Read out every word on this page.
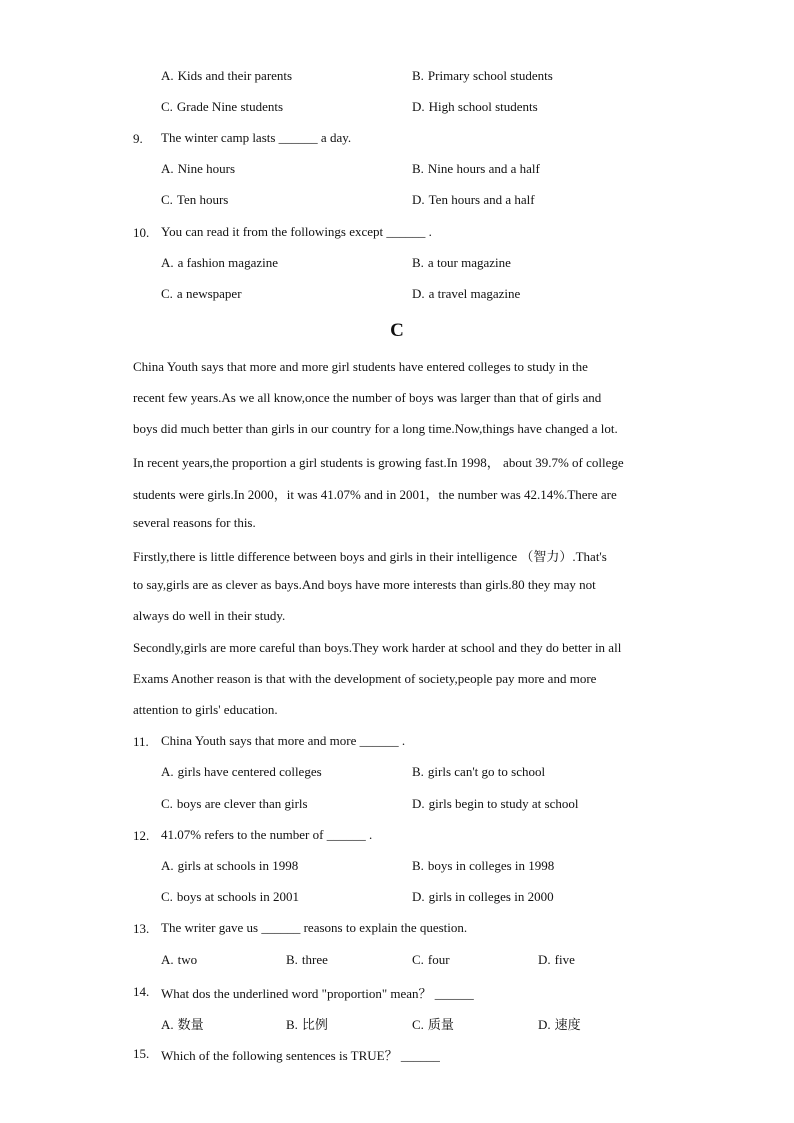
A. Kids and their parents	B. Primary school students
C. Grade Nine students	D. High school students
9. The winter camp lasts ______ a day.
A. Nine hours	B. Nine hours and a half
C. Ten hours	D. Ten hours and a half
10. You can read it from the followings except ______ .
A. a fashion magazine	B. a tour magazine
C. a newspaper	D. a travel magazine
C
China Youth says that more and more girl students have entered colleges to study in the
recent few years.As we all know,once the number of boys was larger than that of girls and
boys did much better than girls in our country for a long time.Now,things have changed a lot.
In recent years,the proportion a girl students is growing fast.In 1998， about 39.7% of college
students were girls.In 2000，it was 41.07% and in 2001，the number was 42.14%.There are
several reasons for this.
Firstly,there is little difference between boys and girls in their intelligence （智力）.That's
to say,girls are as clever as bays.And boys have more interests than girls.80 they may not
always do well in their study.
Secondly,girls are more careful than boys.They work harder at school and they do better in all
Exams Another reason is that with the development of society,people pay more and more
attention to girls' education.
11. China Youth says that more and more ______ .
A. girls have centered colleges	B. girls can't go to school
C. boys are clever than girls	D. girls begin to study at school
12. 41.07% refers to the number of ______ .
A. girls at schools in 1998	B. boys in colleges in 1998
C. boys at schools in 2001	D. girls in colleges in 2000
13. The writer gave us ______ reasons to explain the question.
A. two	B. three	C. four	D. five
14. What dos the underlined word "proportion" mean？ ______
A. 数量	B. 比例	C. 质量	D. 速度
15. Which of the following sentences is TRUE？ ______
